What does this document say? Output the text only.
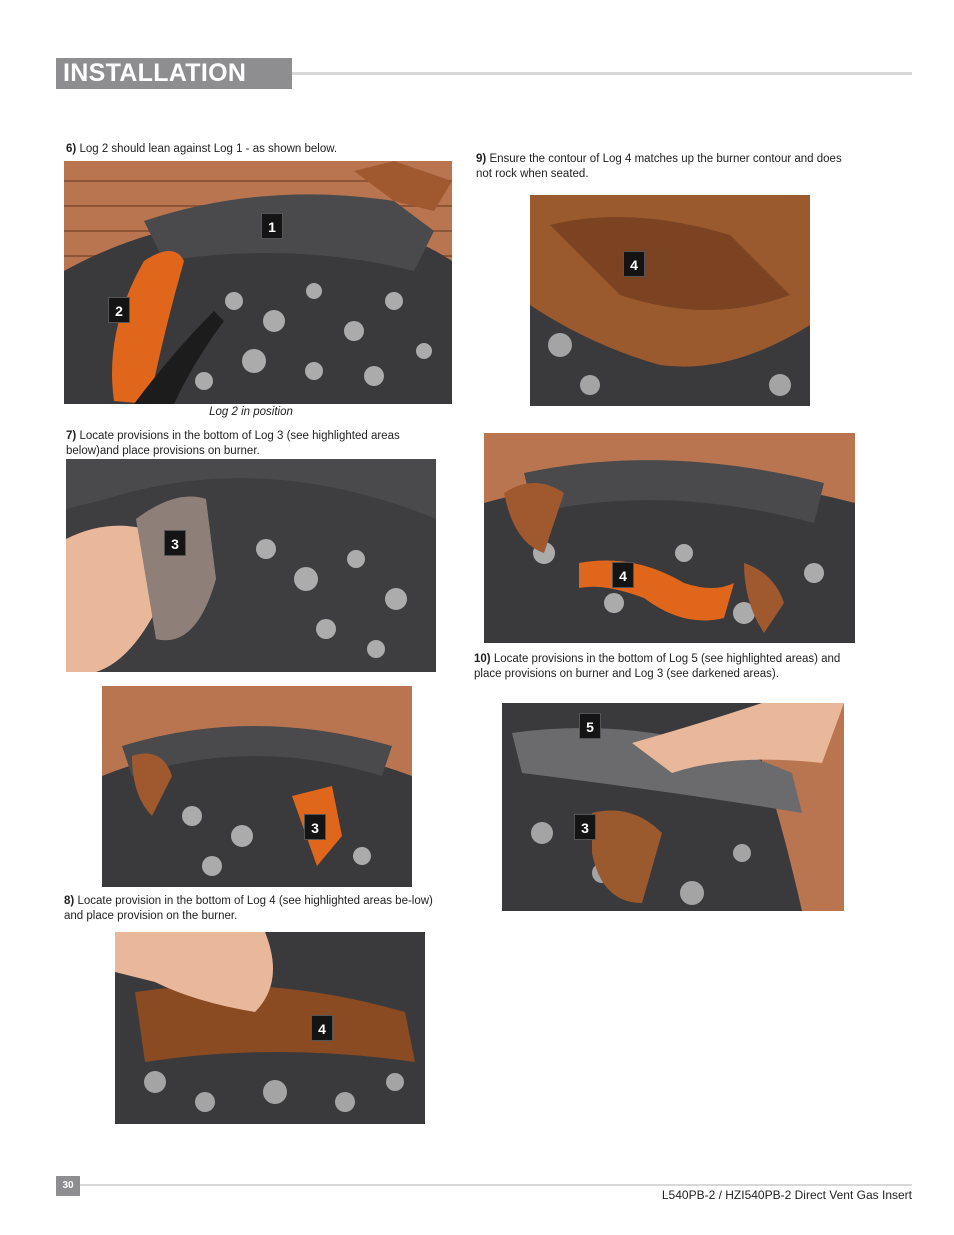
INSTALLATION
6) Log 2 should lean against Log 1 - as shown below.
1
2
Log 2 in position
7) Locate provisions in the bottom of Log 3 (see highlighted areas below)and place provisions on burner.
3
3
8) Locate provision in the bottom of Log 4 (see highlighted areas be-low) and place provision on the burner.
4
9) Ensure the contour of Log 4 matches up the burner contour and does not rock when seated.
4
4
10) Locate provisions in the bottom of Log 5 (see highlighted areas) and place provisions on burner and Log 3 (see darkened areas).
5
3
30
L540PB-2 / HZI540PB-2 Direct Vent Gas Insert
